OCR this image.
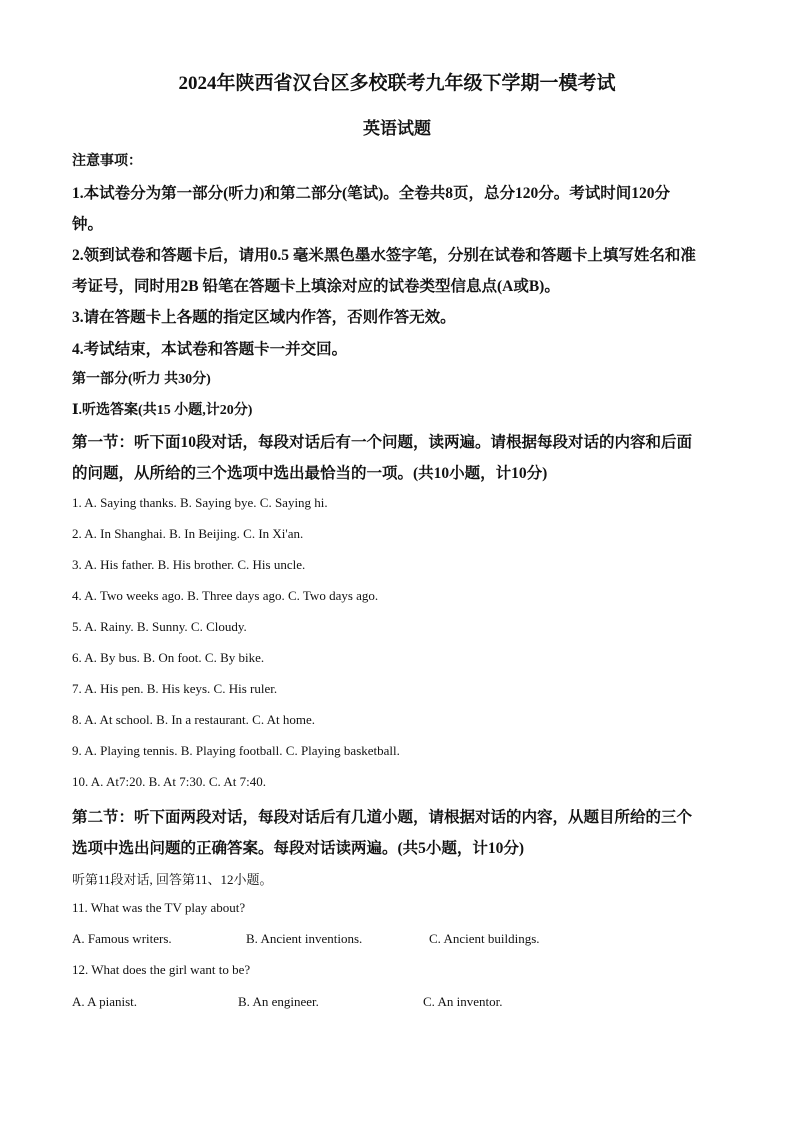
2024年陕西省汉台区多校联考九年级下学期一模考试
英语试题
注意事项：
1.本试卷分为第一部分(听力)和第二部分(笔试)。全卷共8页，总分120分。考试时间120分
钟。
2.领到试卷和答题卡后，请用0.5 毫米黑色墨水签字笔，分别在试卷和答题卡上填写姓名和准
考证号，同时用2B 铅笔在答题卡上填涂对应的试卷类型信息点(A或B)。
3.请在答题卡上各题的指定区域内作答，否则作答无效。
4.考试结束，本试卷和答题卡一并交回。
第一部分(听力 共30分)
Ⅰ.听选答案(共15 小题,计20分)
第一节：听下面10段对话，每段对话后有一个问题，读两遍。请根据每段对话的内容和后面
的问题，从所给的三个选项中选出最恰当的一项。(共10小题，计10分)
1. A. Saying thanks. B. Saying bye. C. Saying hi.
2. A. In Shanghai. B. In Beijing. C. In Xi'an.
3. A. His father. B. His brother. C. His uncle.
4. A. Two weeks ago. B. Three days ago. C. Two days ago.
5. A. Rainy. B. Sunny. C. Cloudy.
6. A. By bus. B. On foot. C. By bike.
7. A. His pen. B. His keys. C. His ruler.
8. A. At school. B. In a restaurant. C. At home.
9. A. Playing tennis. B. Playing football. C. Playing basketball.
10. A. At7:20. B. At 7:30. C. At 7:40.
第二节：听下面两段对话，每段对话后有几道小题，请根据对话的内容，从题目所给的三个
选项中选出问题的正确答案。每段对话读两遍。(共5小题，计10分)
听第11段对话, 回答第11、12小题。
11. What was the TV play about?
A. Famous writers.	B. Ancient inventions.	C. Ancient buildings.
12. What does the girl want to be?
A. A pianist.	B. An engineer.	C. An inventor.
